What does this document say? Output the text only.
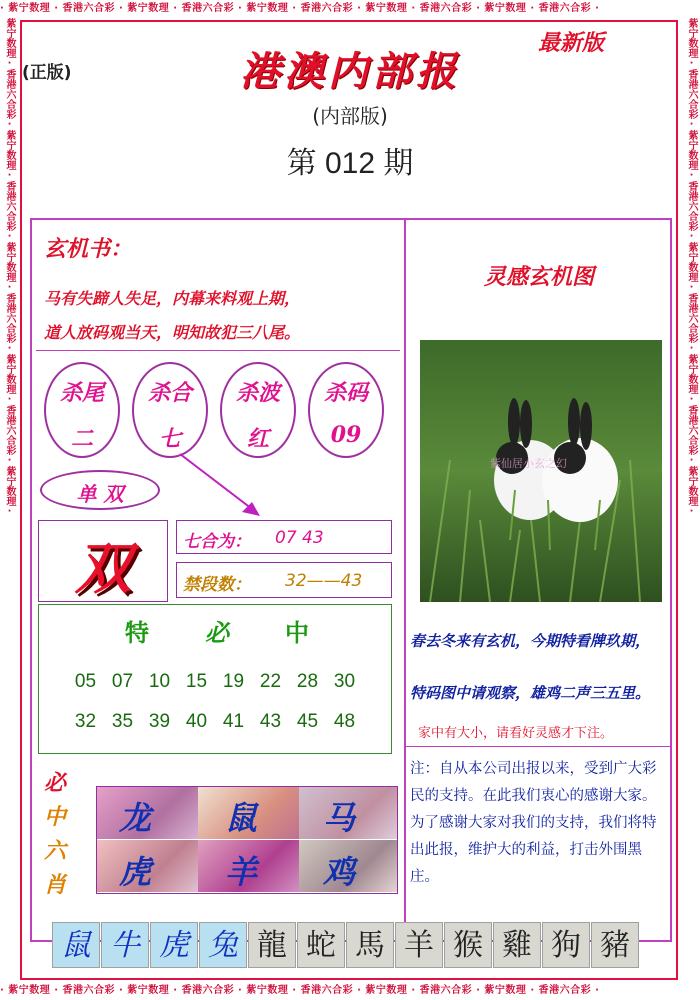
· 紫宁数理 · 香港六合彩 · 紫宁数理 · 香港六合彩 · 紫宁数理 · 香港六合彩 · 紫宁数理 · 香港六合彩 · 紫宁数理 · 香港六合彩 ·
· 紫宁数理 · 香港六合彩 · 紫宁数理 · 香港六合彩 · 紫宁数理 · 香港六合彩 · 紫宁数理 · 香港六合彩 · 紫宁数理 · 香港六合彩 ·
紫宁数理·香港六合彩·紫宁数理·香港六合彩·紫宁数理·香港六合彩·紫宁数理·香港六合彩·紫宁数理·	紫宁数理·香港六合彩·紫宁数理·香港六合彩·紫宁数理·香港六合彩·紫宁数理·香港六合彩·紫宁数理·
(正版)
最新版
港澳内部报
(内部版)
第 012 期
玄机书：
马有失蹄人失足，内幕来料观上期，
道人放码观当天，明知故犯三八尾。
杀尾
二
杀合
七
杀波
红
杀码
09
单 双
双	七合为： 07 43
禁段数： 32——43
特 必 中
05 07 10 15 19 22 28 30
32 35 39 40 41 43 45 48
必
中
六
肖
龙 鼠 马
虎 羊 鸡
灵感玄机图
紫仙居小玄之幻
春去冬来有玄机，今期特看牌玖期，
特码图中请观察，雄鸡二声三五里。
家中有大小，请看好灵感才下注。
注：自从本公司出报以来，受到广大彩民的支持。在此我们衷心的感谢大家。为了感谢大家对我们的支持，我们将特出此报，维护大的利益，打击外围黑庄。
鼠 牛 虎 兔 龍 蛇 馬 羊 猴 雞 狗 豬
